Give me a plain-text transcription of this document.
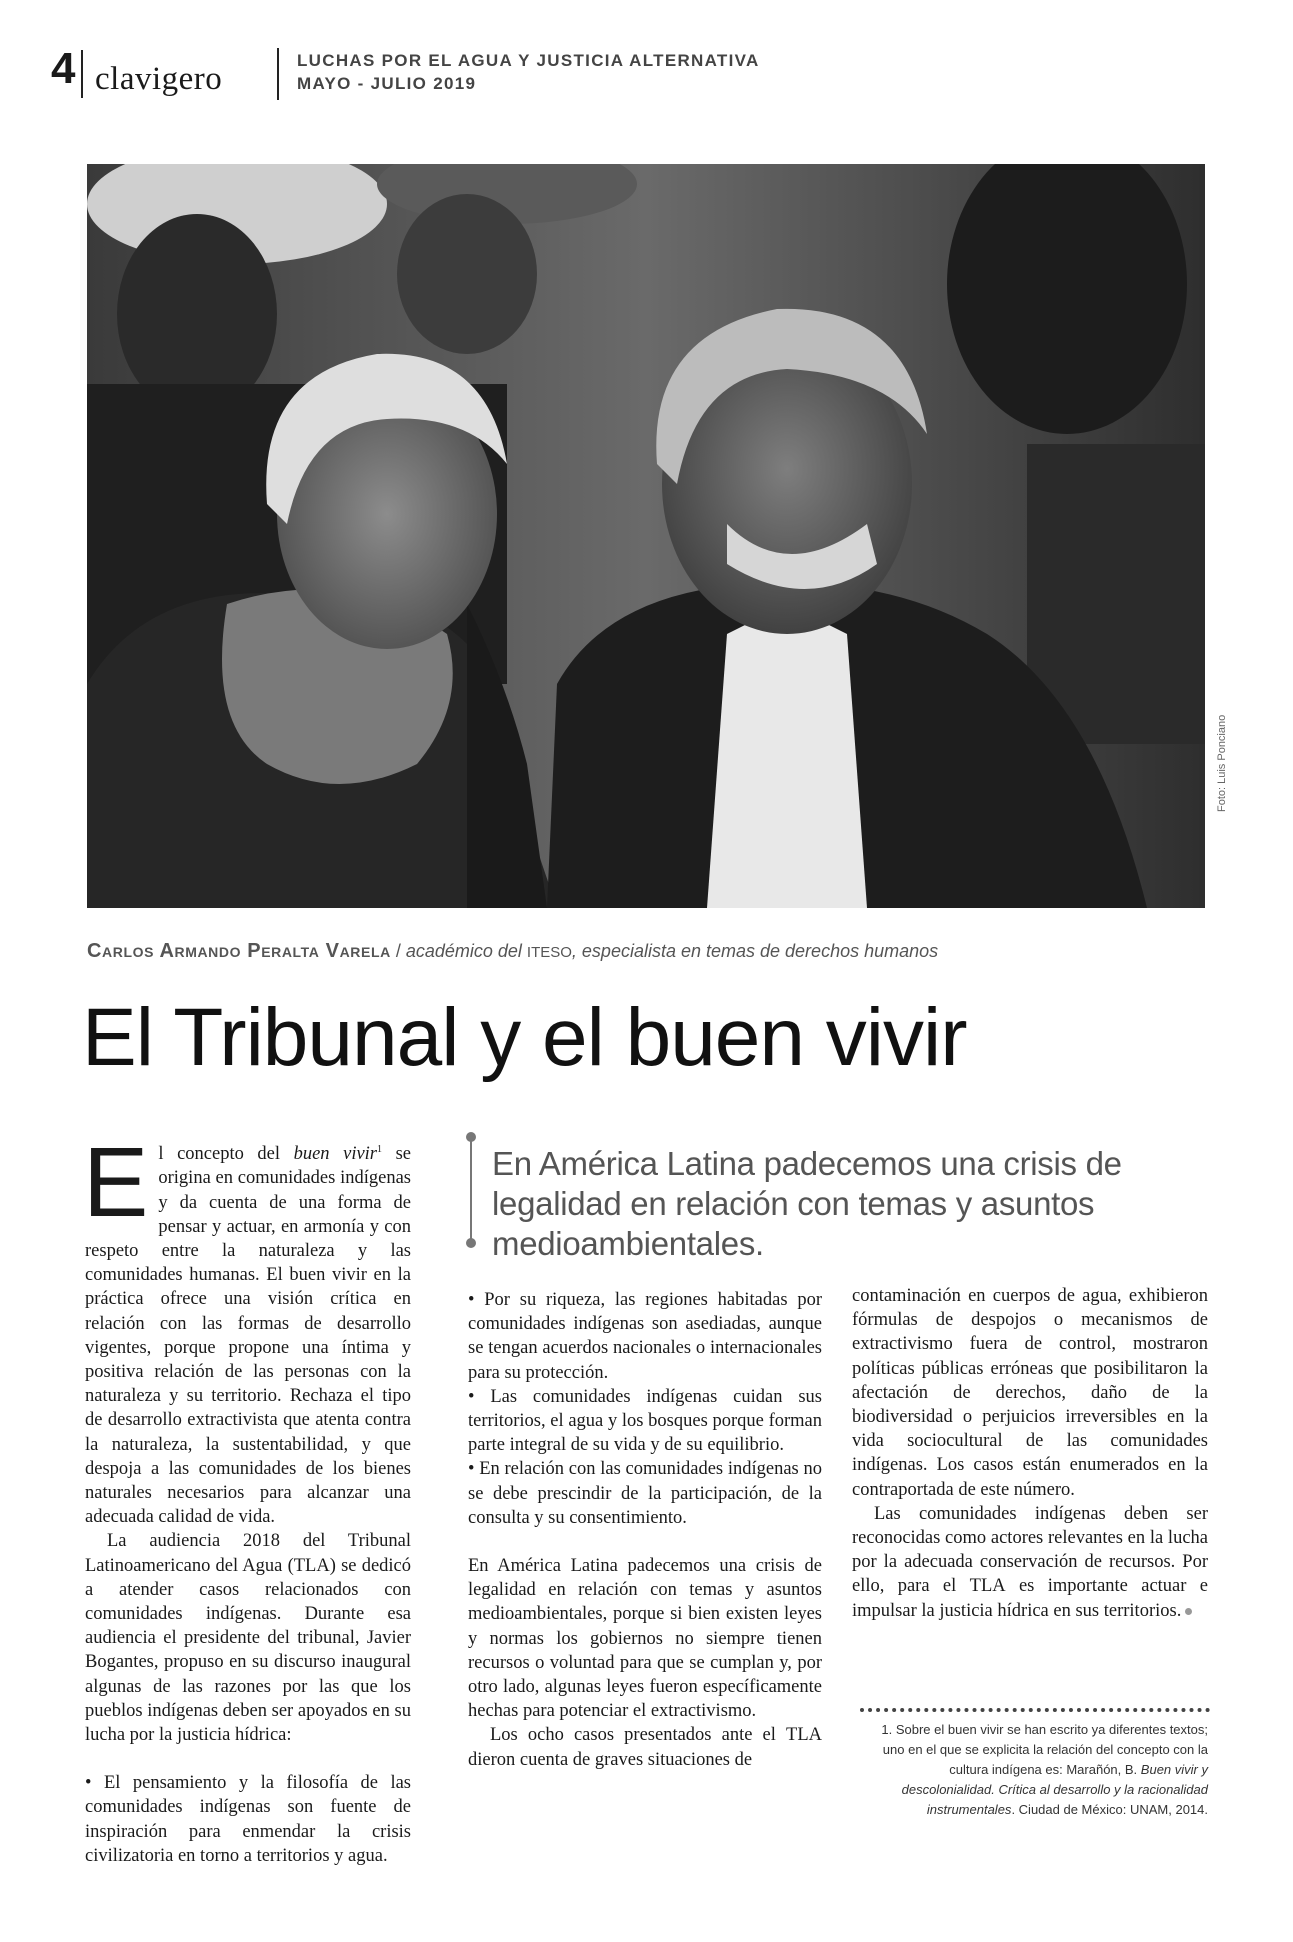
4 clavigero
LUCHAS POR EL AGUA Y JUSTICIA ALTERNATIVA
MAYO - JULIO 2019
Foto: Luis Ponciano
Carlos Armando Peralta Varela / académico del ITESO, especialista en temas de derechos humanos
El Tribunal y el buen vivir
En América Latina padecemos una crisis de legalidad en relación con temas y asuntos medioambientales.

El concepto del buen vivir$^1$ se origina en comunidades indígenas y da cuenta de una forma de pensar y actuar, en armonía y con respeto entre la naturaleza y las comunidades humanas. El buen vivir en la práctica ofrece una visión crítica en relación con las formas de desarrollo vigentes, porque propone una íntima y positiva relación de las personas con la naturaleza y su territorio. Rechaza el tipo de desarrollo extractivista que atenta contra la naturaleza, la sustentabilidad, y que despoja a las comunidades de los bienes naturales necesarios para alcanzar una adecuada calidad de vida.

La audiencia 2018 del Tribunal Latinoamericano del Agua (TLA) se dedicó a atender casos relacionados con comunidades indígenas. Durante esa audiencia el presidente del tribunal, Javier Bogantes, propuso en su discurso inaugural algunas de las razones por las que los pueblos indígenas deben ser apoyados en su lucha por la justicia hídrica:

• El pensamiento y la filosofía de las comunidades indígenas son fuente de inspiración para enmendar la crisis civilizatoria en torno a territorios y agua.

• Por su riqueza, las regiones habitadas por comunidades indígenas son asediadas, aunque se tengan acuerdos nacionales o internacionales para su protección.

• Las comunidades indígenas cuidan sus territorios, el agua y los bosques porque forman parte integral de su vida y de su equilibrio.

• En relación con las comunidades indígenas no se debe prescindir de la participación, de la consulta y su consentimiento.

En América Latina padecemos una crisis de legalidad en relación con temas y asuntos medioambientales, porque si bien existen leyes y normas los gobiernos no siempre tienen recursos o voluntad para que se cumplan y, por otro lado, algunas leyes fueron específicamente hechas para potenciar el extractivismo.

Los ocho casos presentados ante el TLA dieron cuenta de graves situaciones de

contaminación en cuerpos de agua, exhibieron fórmulas de despojos o mecanismos de extractivismo fuera de control, mostraron políticas públicas erróneas que posibilitaron la afectación de derechos, daño de la biodiversidad o perjuicios irreversibles en la vida sociocultural de las comunidades indígenas. Los casos están enumerados en la contraportada de este número.

Las comunidades indígenas deben ser reconocidas como actores relevantes en la lucha por la adecuada conservación de recursos. Por ello, para el TLA es importante actuar e impulsar la justicia hídrica en sus territorios.

1. Sobre el buen vivir se han escrito ya diferentes textos; uno en el que se explicita la relación del concepto con la cultura indígena es: Marañón, B. Buen vivir y descolonialidad. Crítica al desarrollo y la racionalidad instrumentales. Ciudad de México: UNAM, 2014.
